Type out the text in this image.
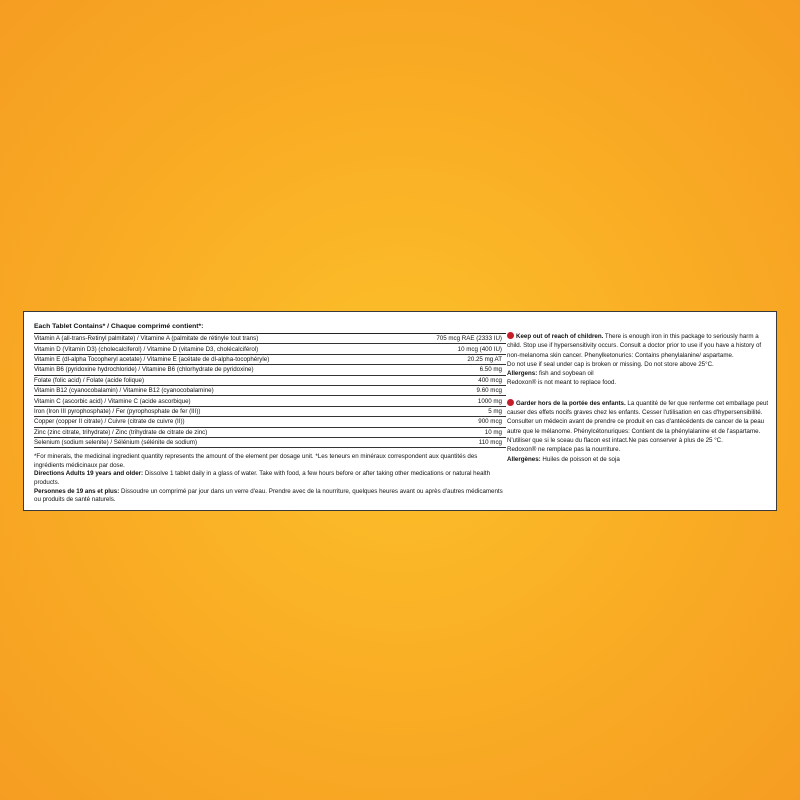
Each Tablet Contains* / Chaque comprimé contient*:
Vitamin A (all-trans-Retinyl palmitate) / Vitamine A (palmitate de rétinyle tout trans)	705 mcg RAE (2333 IU)
Vitamin D (Vitamin D3) (cholecalciferol) / Vitamine D (vitamine D3, cholécalciférol)	10 mcg (400 IU)
Vitamin E (dl-alpha Tocopheryl acetate) / Vitamine E (acétate de dl-alpha-tocophéryle)	20.25 mg AT
Vitamin B6 (pyridoxine hydrochloride) / Vitamine B6 (chlorhydrate de pyridoxine)	6.50 mg
Folate (folic acid) / Folate (acide folique)	400 mcg
Vitamin B12 (cyanocobalamin) / Vitamine B12 (cyanocobalamine)	9.60 mcg
Vitamin C (ascorbic acid) / Vitamine C (acide ascorbique)	1000 mg
Iron (Iron III pyrophosphate) / Fer (pyrophosphate de fer (III))	5 mg
Copper (copper II citrate) / Cuivre (citrate de cuivre (II))	900 mcg
Zinc (zinc citrate, trihydrate) / Zinc (trihydrate de citrate de zinc)	10 mg
Selenium (sodium selenite) / Sélénium (sélénite de sodium)	110 mcg
*For minerals, the medicinal ingredient quantity represents the amount of the element per dosage unit. *Les teneurs en minéraux correspondent aux quantités des ingrédients médicinaux par dose.
Directions Adults 19 years and older: Dissolve 1 tablet daily in a glass of water. Take with food, a few hours before or after taking other medications or natural health products.
Personnes de 19 ans et plus: Dissoudre un comprimé par jour dans un verre d'eau. Prendre avec de la nourriture, quelques heures avant ou après d'autres médicaments ou produits de santé naturels.
Keep out of reach of children. There is enough iron in this package to seriously harm a child. Stop use if hypersensitivity occurs. Consult a doctor prior to use if you have a history of non-melanoma skin cancer. Phenylketonurics: Contains phenylalanine/ aspartame.
Do not use if seal under cap is broken or missing. Do not store above 25°C.
Allergens: fish and soybean oil
Redoxon® is not meant to replace food.
Garder hors de la portée des enfants. La quantité de fer que renferme cet emballage peut causer des effets nocifs graves chez les enfants. Cesser l'utilisation en cas d'hypersensibilité. Consulter un médecin avant de prendre ce produit en cas d'antécédents de cancer de la peau autre que le mélanome. Phénylcétonuriques: Contient de la phénylalanine et de l'aspartame.
N'utiliser que si le sceau du flacon est intact.Ne pas conserver à plus de 25 °C.
Redoxon® ne remplace pas la nourriture.
Allergènes: Huiles de poisson et de soja
